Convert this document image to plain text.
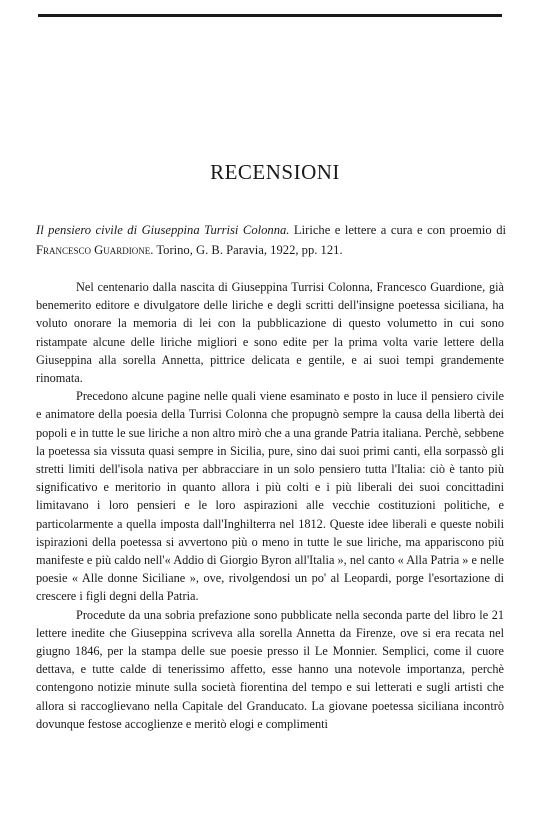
RECENSIONI
Il pensiero civile di Giuseppina Turrisi Colonna. Liriche e lettere a cura e con proemio di Francesco Guardione. Torino, G. B. Paravia, 1922, pp. 121.

Nel centenario dalla nascita di Giuseppina Turrisi Colonna, Francesco Guardione, già benemerito editore e divulgatore delle liriche e degli scritti dell'insigne poetessa siciliana, ha voluto onorare la memoria di lei con la pubblicazione di questo volumetto in cui sono ristampate alcune delle liriche migliori e sono edite per la prima volta varie lettere della Giuseppina alla sorella Annetta, pittrice delicata e gentile, e ai suoi tempi grandemente rinomata.

Precedono alcune pagine nelle quali viene esaminato e posto in luce il pensiero civile e animatore della poesia della Turrisi Colonna che propugnò sempre la causa della libertà dei popoli e in tutte le sue liriche a non altro mirò che a una grande Patria italiana. Perchè, sebbene la poetessa sia vissuta quasi sempre in Sicilia, pure, sino dai suoi primi canti, ella sorpassò gli stretti limiti dell'isola nativa per abbracciare in un solo pensiero tutta l'Italia: ciò è tanto più significativo e meritorio in quanto allora i più colti e i più liberali dei suoi concittadini limitavano i loro pensieri e le loro aspirazioni alle vecchie costituzioni politiche, e particolarmente a quella imposta dall'Inghilterra nel 1812. Queste idee liberali e queste nobili ispirazioni della poetessa si avvertono più o meno in tutte le sue liriche, ma appariscono più manifeste e più caldo nell'« Addio di Giorgio Byron all'Italia », nel canto « Alla Patria » e nelle poesie « Alle donne Siciliane », ove, rivolgendosi un po' al Leopardi, porge l'esortazione di crescere i figli degni della Patria.

Procedute da una sobria prefazione sono pubblicate nella seconda parte del libro le 21 lettere inedite che Giuseppina scriveva alla sorella Annetta da Firenze, ove si era recata nel giugno 1846, per la stampa delle sue poesie presso il Le Monnier. Semplici, come il cuore dettava, e tutte calde di tenerissimo affetto, esse hanno una notevole importanza, perchè contengono notizie minute sulla società fiorentina del tempo e sui letterati e sugli artisti che allora si raccoglievano nella Capitale del Granducato. La giovane poetessa siciliana incontrò dovunque festose accoglienze e meritò elogi e complimenti
